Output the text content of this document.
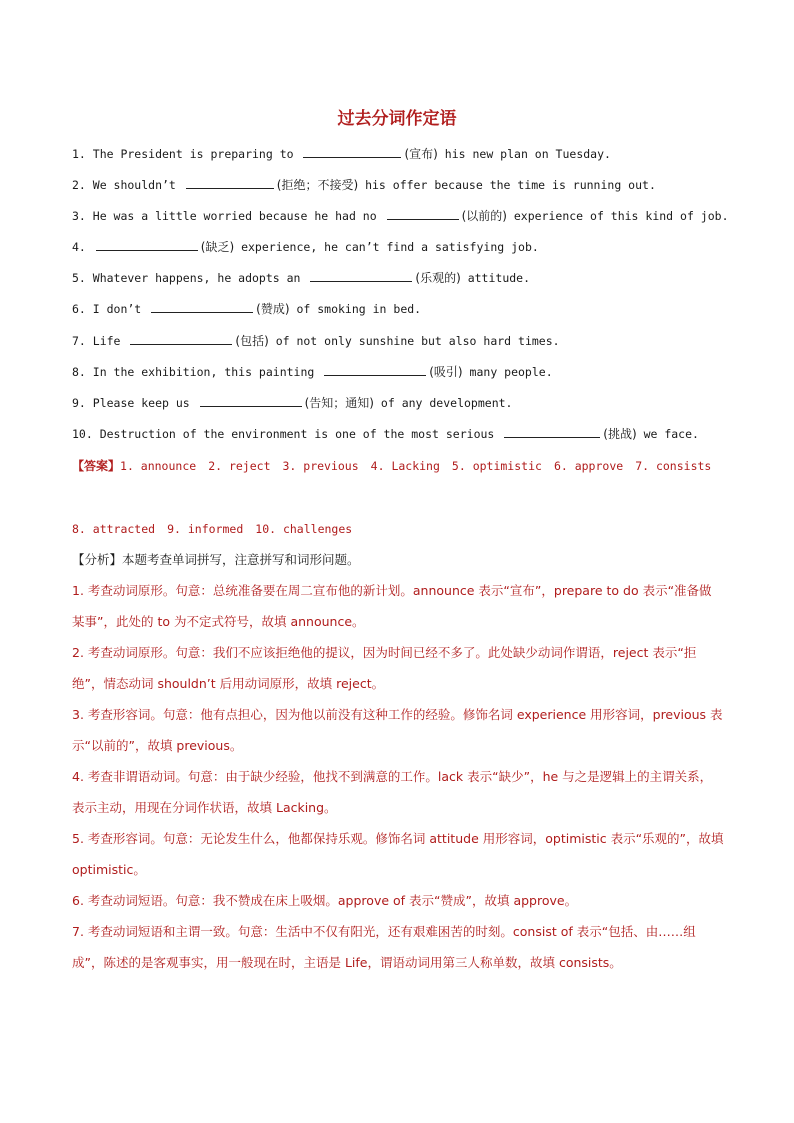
过去分词作定语
1. The President is preparing to	(宣布) his new plan on Tuesday.
2. We shouldn’t	(拒绝；不接受) his offer because the time is running out.
3. He was a little worried because he had no	(以前的) experience of this kind of job.
4.	(缺乏) experience, he can’t find a satisfying job.
5. Whatever happens, he adopts an	(乐观的) attitude.
6. I don’t	(赞成) of smoking in bed.
7. Life	(包括) of not only sunshine but also hard times.
8. In the exhibition, this painting	(吸引) many people.
9. Please keep us	(告知；通知) of any development.
10. Destruction of the environment is one of the most serious	(挑战) we face.
【答案】1. announce 2. reject 3. previous 4. Lacking 5. optimistic 6. approve 7. consists
8. attracted 9. informed 10. challenges
【分析】本题考查单词拼写，注意拼写和词形问题。
1. 考查动词原形。句意：总统准备要在周二宣布他的新计划。announce 表示“宣布”，prepare to do 表示“准备做某事”，此处的 to 为不定式符号，故填 announce。
2. 考查动词原形。句意：我们不应该拒绝他的提议，因为时间已经不多了。此处缺少动词作谓语，reject 表示“拒绝”，情态动词 shouldn’t 后用动词原形，故填 reject。
3. 考查形容词。句意：他有点担心，因为他以前没有这种工作的经验。修饰名词 experience 用形容词，previous 表示“以前的”，故填 previous。
4. 考查非谓语动词。句意：由于缺少经验，他找不到满意的工作。lack 表示“缺少”，he 与之是逻辑上的主谓关系，表示主动，用现在分词作状语，故填 Lacking。
5. 考查形容词。句意：无论发生什么，他都保持乐观。修饰名词 attitude 用形容词，optimistic 表示“乐观的”，故填 optimistic。
6. 考查动词短语。句意：我不赞成在床上吸烟。approve of 表示“赞成”，故填 approve。
7. 考查动词短语和主谓一致。句意：生活中不仅有阳光，还有艰难困苦的时刻。consist of 表示“包括、由……组成”，陈述的是客观事实，用一般现在时，主语是 Life，谓语动词用第三人称单数，故填 consists。
